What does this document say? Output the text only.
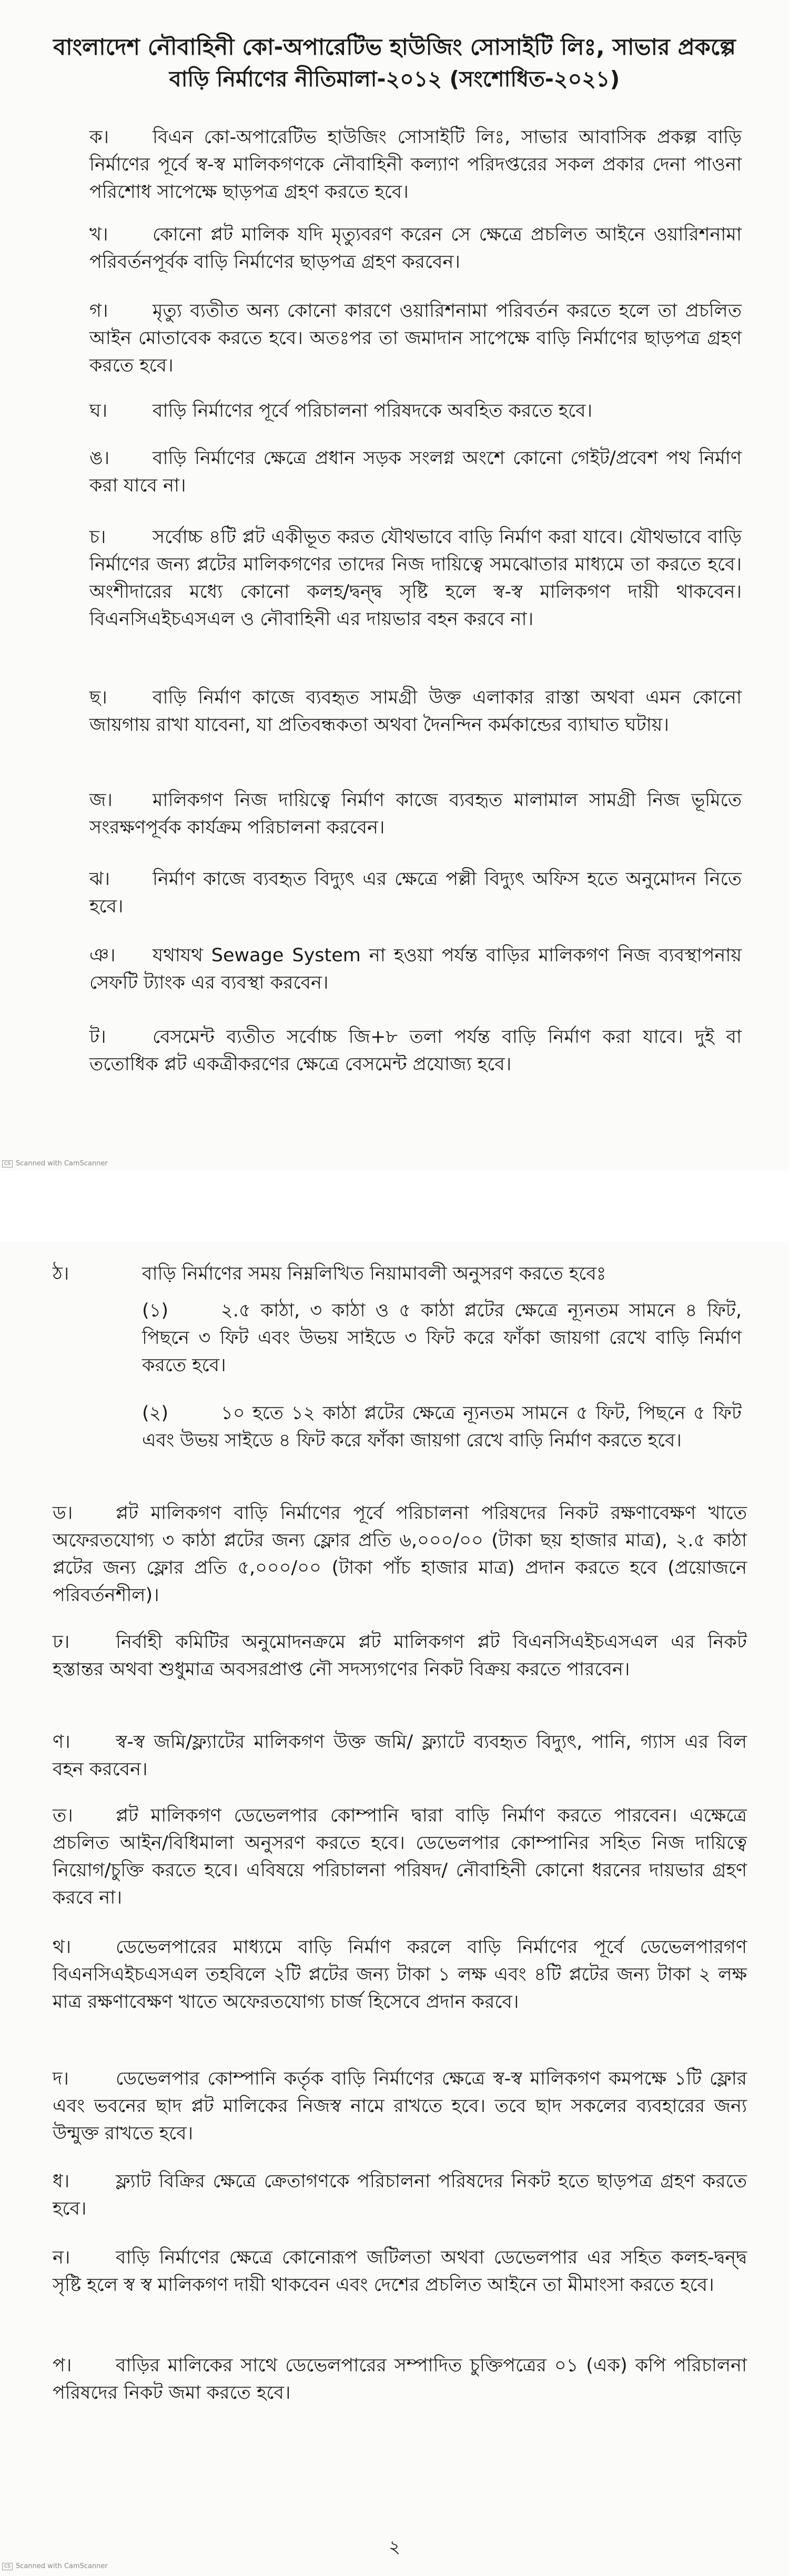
বাংলাদেশ নৌবাহিনী কো-অপারেটিভ হাউজিং সোসাইটি লিঃ, সাভার প্রকল্পে
বাড়ি নির্মাণের নীতিমালা-২০১২ (সংশোধিত-২০২১)
ক।	বিএন কো-অপারেটিভ হাউজিং সোসাইটি লিঃ, সাভার আবাসিক প্রকল্প বাড়ি নির্মাণের পূর্বে স্ব-স্ব মালিকগণকে নৌবাহিনী কল্যাণ পরিদপ্তরের সকল প্রকার দেনা পাওনা পরিশোধ সাপেক্ষে ছাড়পত্র গ্রহণ করতে হবে।
খ।	কোনো প্লট মালিক যদি মৃত্যুবরণ করেন সে ক্ষেত্রে প্রচলিত আইনে ওয়ারিশনামা পরিবর্তনপূর্বক বাড়ি নির্মাণের ছাড়পত্র গ্রহণ করবেন।
গ।	মৃত্যু ব্যতীত অন্য কোনো কারণে ওয়ারিশনামা পরিবর্তন করতে হলে তা প্রচলিত আইন মোতাবেক করতে হবে। অতঃপর তা জমাদান সাপেক্ষে বাড়ি নির্মাণের ছাড়পত্র গ্রহণ করতে হবে।
ঘ।	বাড়ি নির্মাণের পূর্বে পরিচালনা পরিষদকে অবহিত করতে হবে।
ঙ।	বাড়ি নির্মাণের ক্ষেত্রে প্রধান সড়ক সংলগ্ন অংশে কোনো গেইট/প্রবেশ পথ নির্মাণ করা যাবে না।
চ।	সর্বোচ্চ ৪টি প্লট একীভূত করত যৌথভাবে বাড়ি নির্মাণ করা যাবে। যৌথভাবে বাড়ি নির্মাণের জন্য প্লটের মালিকগণের তাদের নিজ দায়িত্বে সমঝোতার মাধ্যমে তা করতে হবে। অংশীদারের মধ্যে কোনো কলহ/দ্বন্দ্ব সৃষ্টি হলে স্ব-স্ব মালিকগণ দায়ী থাকবেন। বিএনসিএইচএসএল ও নৌবাহিনী এর দায়ভার বহন করবে না।
ছ।	বাড়ি নির্মাণ কাজে ব্যবহৃত সামগ্রী উক্ত এলাকার রাস্তা অথবা এমন কোনো জায়গায় রাখা যাবেনা, যা প্রতিবন্ধকতা অথবা দৈনন্দিন কর্মকান্ডের ব্যাঘাত ঘটায়।
জ।	মালিকগণ নিজ দায়িত্বে নির্মাণ কাজে ব্যবহৃত মালামাল সামগ্রী নিজ ভূমিতে সংরক্ষণপূর্বক কার্যক্রম পরিচালনা করবেন।
ঝ।	নির্মাণ কাজে ব্যবহৃত বিদ্যুৎ এর ক্ষেত্রে পল্লী বিদ্যুৎ অফিস হতে অনুমোদন নিতে হবে।
ঞ।	যথাযথ Sewage System না হওয়া পর্যন্ত বাড়ির মালিকগণ নিজ ব্যবস্থাপনায় সেফটি ট্যাংক এর ব্যবস্থা করবেন।
ট।	বেসমেন্ট ব্যতীত সর্বোচ্চ জি+৮ তলা পর্যন্ত বাড়ি নির্মাণ করা যাবে। দুই বা ততোধিক প্লট একত্রীকরণের ক্ষেত্রে বেসমেন্ট প্রযোজ্য হবে।
CS Scanned with CamScanner
ঠ।	বাড়ি নির্মাণের সময় নিম্নলিখিত নিয়ামাবলী অনুসরণ করতে হবেঃ
(১)	২.৫ কাঠা, ৩ কাঠা ও ৫ কাঠা প্লটের ক্ষেত্রে ন্যূনতম সামনে ৪ ফিট, পিছনে ৩ ফিট এবং উভয় সাইডে ৩ ফিট করে ফাঁকা জায়গা রেখে বাড়ি নির্মাণ করতে হবে।
(২)	১০ হতে ১২ কাঠা প্লটের ক্ষেত্রে ন্যূনতম সামনে ৫ ফিট, পিছনে ৫ ফিট এবং উভয় সাইডে ৪ ফিট করে ফাঁকা জায়গা রেখে বাড়ি নির্মাণ করতে হবে।
ড।	প্লট মালিকগণ বাড়ি নির্মাণের পূর্বে পরিচালনা পরিষদের নিকট রক্ষণাবেক্ষণ খাতে অফেরতযোগ্য ৩ কাঠা প্লটের জন্য ফ্লোর প্রতি ৬,০০০/০০ (টাকা ছয় হাজার মাত্র), ২.৫ কাঠা প্লটের জন্য ফ্লোর প্রতি ৫,০০০/০০ (টাকা পাঁচ হাজার মাত্র) প্রদান করতে হবে (প্রয়োজনে পরিবর্তনশীল)।
ঢ।	নির্বাহী কমিটির অনুমোদনক্রমে প্লট মালিকগণ প্লট বিএনসিএইচএসএল এর নিকট হস্তান্তর অথবা শুধুমাত্র অবসরপ্রাপ্ত নৌ সদস্যগণের নিকট বিক্রয় করতে পারবেন।
ণ।	স্ব-স্ব জমি/ফ্ল্যাটের মালিকগণ উক্ত জমি/ ফ্ল্যাটে ব্যবহৃত বিদ্যুৎ, পানি, গ্যাস এর বিল বহন করবেন।
ত।	প্লট মালিকগণ ডেভেলপার কোম্পানি দ্বারা বাড়ি নির্মাণ করতে পারবেন। এক্ষেত্রে প্রচলিত আইন/বিধিমালা অনুসরণ করতে হবে। ডেভেলপার কোম্পানির সহিত নিজ দায়িত্বে নিয়োগ/চুক্তি করতে হবে। এবিষয়ে পরিচালনা পরিষদ/ নৌবাহিনী কোনো ধরনের দায়ভার গ্রহণ করবে না।
থ।	ডেভেলপারের মাধ্যমে বাড়ি নির্মাণ করলে বাড়ি নির্মাণের পূর্বে ডেভেলপারগণ বিএনসিএইচএসএল তহবিলে ২টি প্লটের জন্য টাকা ১ লক্ষ এবং ৪টি প্লটের জন্য টাকা ২ লক্ষ মাত্র রক্ষণাবেক্ষণ খাতে অফেরতযোগ্য চার্জ হিসেবে প্রদান করবে।
দ।	ডেভেলপার কোম্পানি কর্তৃক বাড়ি নির্মাণের ক্ষেত্রে স্ব-স্ব মালিকগণ কমপক্ষে ১টি ফ্লোর এবং ভবনের ছাদ প্লট মালিকের নিজস্ব নামে রাখতে হবে। তবে ছাদ সকলের ব্যবহারের জন্য উন্মুক্ত রাখতে হবে।
ধ।	ফ্ল্যাট বিক্রির ক্ষেত্রে ক্রেতাগণকে পরিচালনা পরিষদের নিকট হতে ছাড়পত্র গ্রহণ করতে হবে।
ন।	বাড়ি নির্মাণের ক্ষেত্রে কোনোরূপ জটিলতা অথবা ডেভেলপার এর সহিত কলহ-দ্বন্দ্ব সৃষ্টি হলে স্ব স্ব মালিকগণ দায়ী থাকবেন এবং দেশের প্রচলিত আইনে তা মীমাংসা করতে হবে।
প।	বাড়ির মালিকের সাথে ডেভেলপারের সম্পাদিত চুক্তিপত্রের ০১ (এক) কপি পরিচালনা পরিষদের নিকট জমা করতে হবে।
২
CS Scanned with CamScanner
